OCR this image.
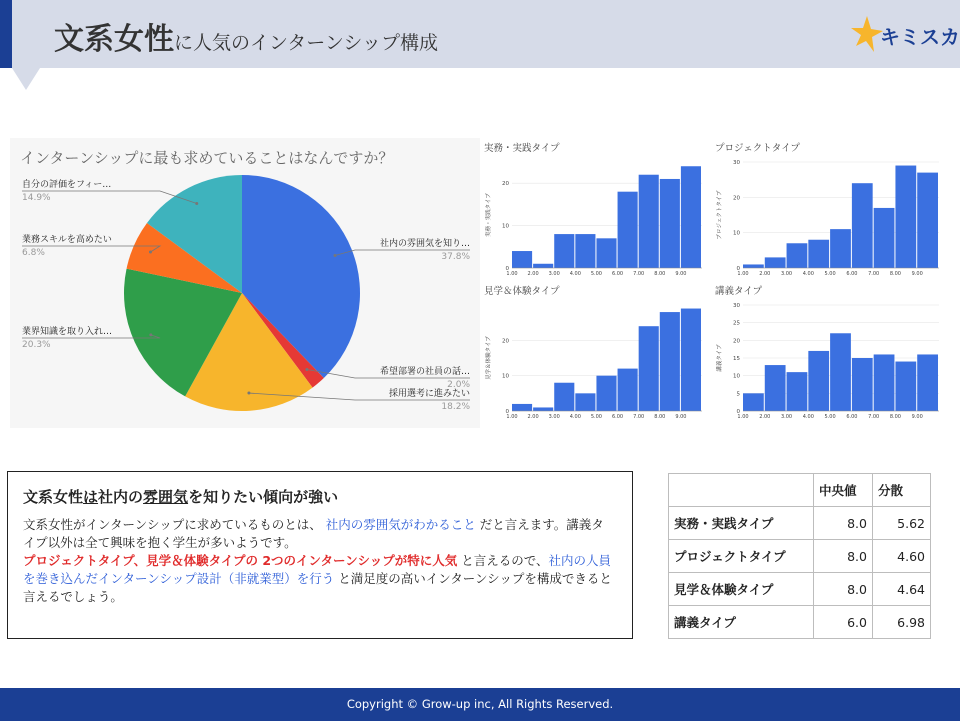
文系女性に人気のインターンシップ構成	キミスカ
インターンシップに最も求めていることはなんですか？
社内の雰囲気を知り…
37.8%
希望部署の社員の話…
2.0%
採用選考に進みたい
18.2%
業界知識を取り入れ…
20.3%
業務スキルを高めたい
6.8%
自分の評価をフィー…
14.9%
実務・実践タイプ
実務・実践タイプ
0
10
20
1.00 2.00 3.00 4.00 5.00 6.00 7.00 8.00 9.00
プロジェクトタイプ
プロジェクトタイプ
0
10
20
30
1.00 2.00 3.00 4.00 5.00 6.00 7.00 8.00 9.00
見学＆体験タイプ
見学＆体験タイプ
0
10
20
1.00 2.00 3.00 4.00 5.00 6.00 7.00 8.00 9.00
講義タイプ
講義タイプ
0
5
10
15
20
25
30
1.00 2.00 3.00 4.00 5.00 6.00 7.00 8.00 9.00
文系女性は社内の雰囲気を知りたい傾向が強い
文系女性がインターンシップに求めているものとは、 社内の雰囲気がわかること だと言えます。講義タイプ以外は全て興味を抱く学生が多いようです。
プロジェクトタイプ、見学＆体験タイプの 2つのインターンシップが特に人気 と言えるので、社内の人員を巻き込んだインターンシップ設計（非就業型）を行う と満足度の高いインターンシップを構成できると言えるでしょう。
	中央値	分散
実務・実践タイプ	8.0	5.62
プロジェクトタイプ	8.0	4.60
見学＆体験タイプ	8.0	4.64
講義タイプ	6.0	6.98
Copyright © Grow-up inc, All Rights Reserved.
